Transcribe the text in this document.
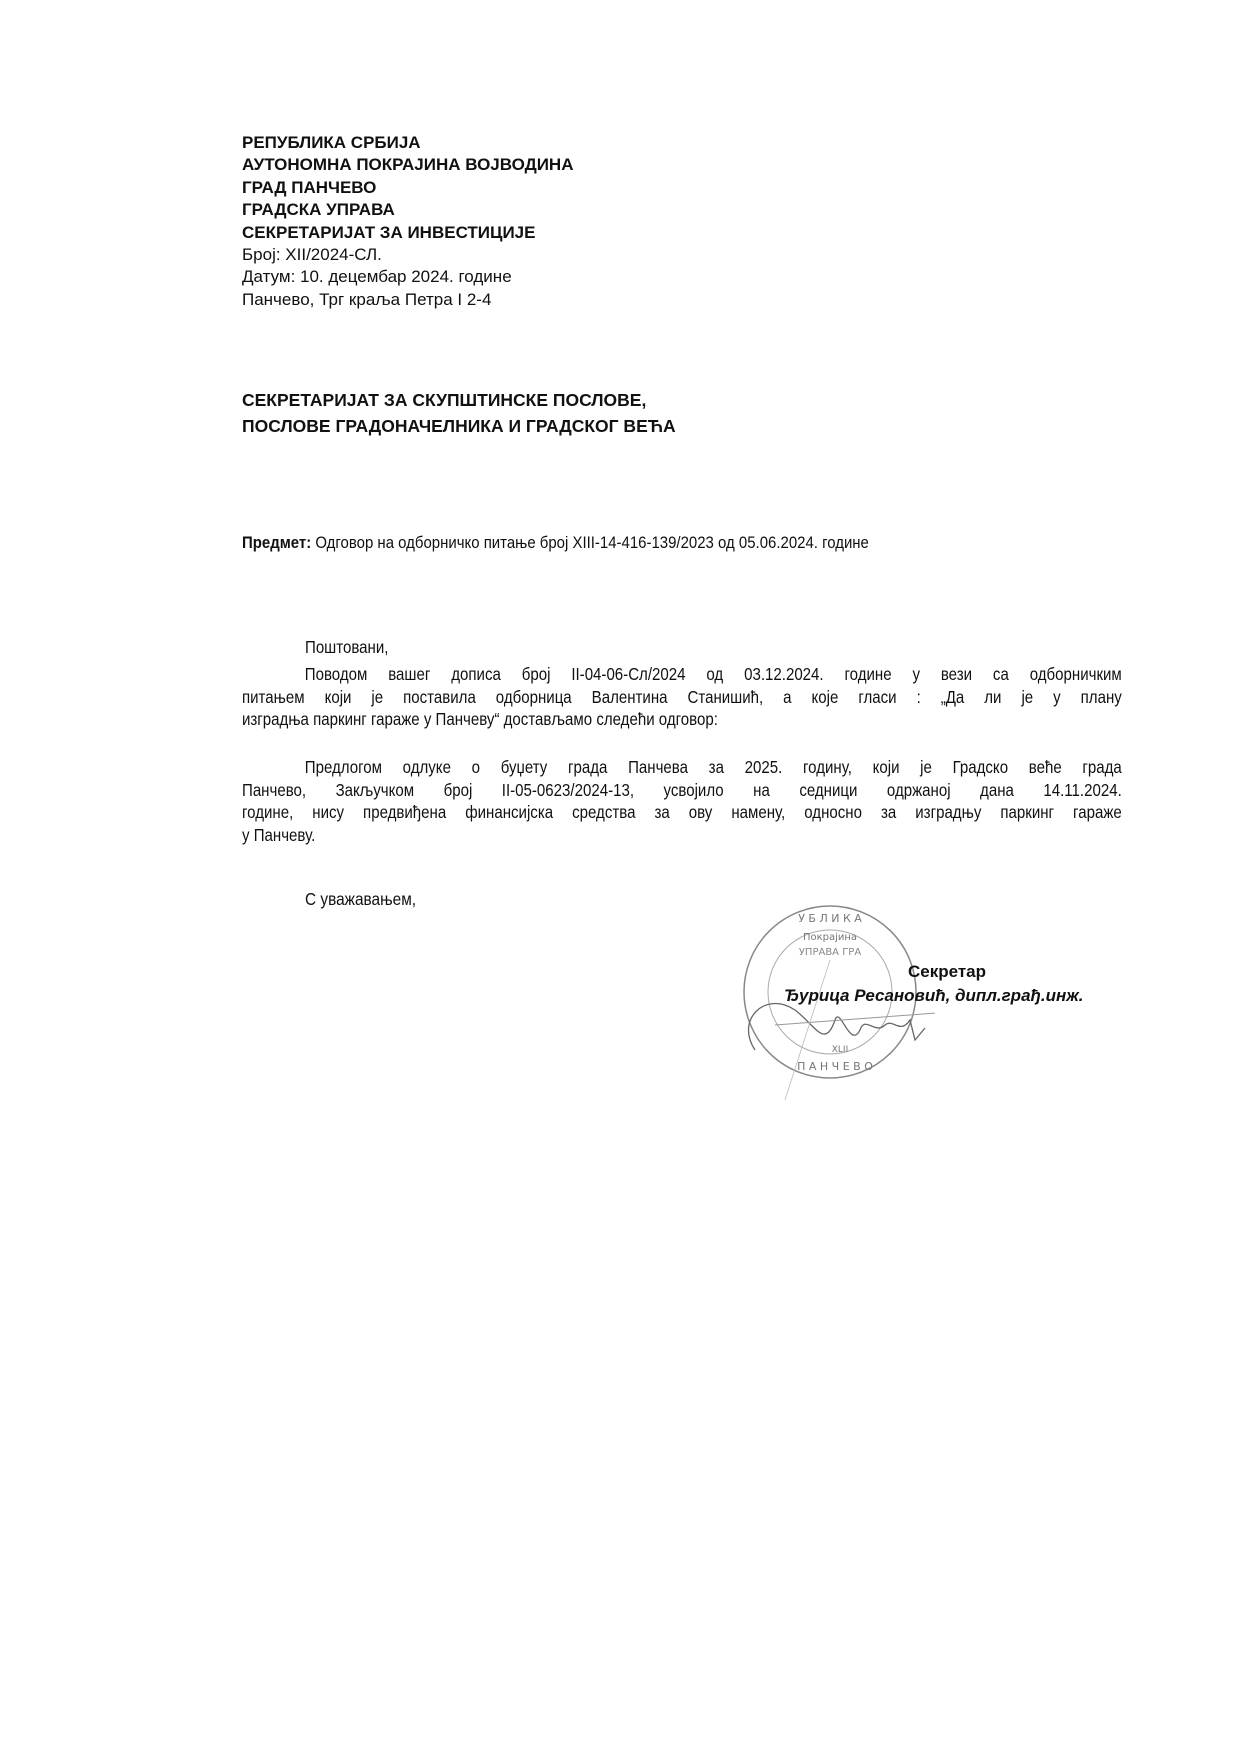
РЕПУБЛИКА СРБИЈА
АУТОНОМНА ПОКРАЈИНА ВОЈВОДИНА
ГРАД ПАНЧЕВО
ГРАДСКА УПРАВА
СЕКРЕТАРИЈАТ ЗА ИНВЕСТИЦИЈЕ
Број: XII/2024-СЛ.
Датум: 10. децембар 2024. године
Панчево, Трг краља Петра I 2-4
СЕКРЕТАРИЈАТ ЗА СКУПШТИНСКЕ ПОСЛОВЕ,
ПОСЛОВЕ ГРАДОНАЧЕЛНИКА И ГРАДСКОГ ВЕЋА
Предмет: Одговор на одборничко питање број XIII-14-416-139/2023 од 05.06.2024. године
Поштовани,
Поводом вашег дописа број II-04-06-Сл/2024 од 03.12.2024. године у вези са одборничким
питањем који је поставила одборница Валентина Станишић, а које гласи : „Да ли је у плану
изградња паркинг гараже у Панчеву“ достављамо следећи одговор:
Предлогом одлуке о буџету града Панчева за 2025. годину, који је Градско веће града
Панчево, Закључком број II-05-0623/2024-13, усвојило на седници одржаној дана 14.11.2024.
године, нису предвиђена финансијска средства за ову намену, односно за изградњу паркинг гараже
у Панчеву.
С уважавањем,
У Б Л И К А
Покрајина
УПРАВА ГРА
XLII
П А Н Ч Е В О
Секретар
Ђурица Ресановић, дипл.грађ.инж.
